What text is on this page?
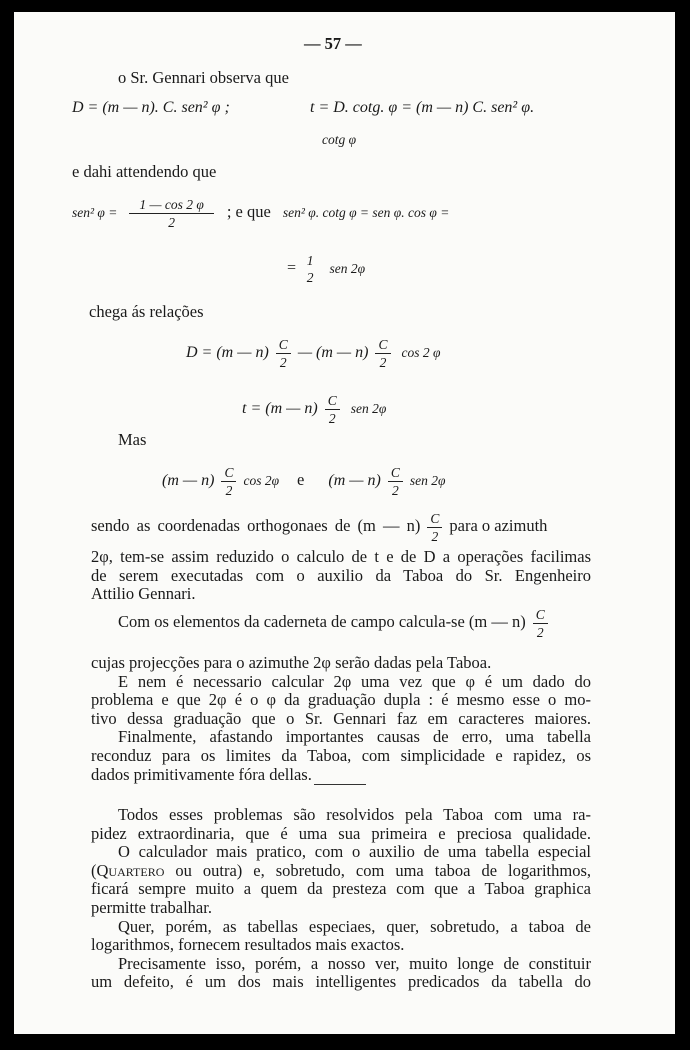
— 57 —
o Sr. Gennari observa que
D = (m — n). C. sen² φ ;	t = D. cotg. φ = (m — n) C. sen² φ.
cotg φ
e dahi attendendo que
sen² $\varphi = \frac{1 — \cos 2 \varphi}{2}$ ; e que sen² φ. cotg φ = sen φ. cos φ =
= 1
2
sen 2φ
chega ás relações
D = (m — $n) \frac{C}{2}$ — (m — $n) \frac{C}{2}$ cos 2 φ
t = (m — $n) \frac{C}{2}$ sen 2φ
Mas
(m — $n) \frac{C}{2}$ cos 2φ e (m — $n) \frac{C}{2}$ sen 2φ
sendo as coordenadas orthogonaes de (m — $n) \frac{C}{2}$ para o azimuth
2φ, tem-se assim reduzido o calculo de t e de D a operações facilimas
de serem executadas com o auxilio da Taboa do Sr. Engenheiro
Attilio Gennari.
Com os elementos da caderneta de campo calcula-se (m — $n) \frac{C}{2}$
cujas projecções para o azimuthe 2φ serão dadas pela Taboa.
E nem é necessario calcular 2φ uma vez que φ é um dado do
problema e que 2φ é o φ da graduação dupla : é mesmo esse o mo-
tivo dessa graduação que o Sr. Gennari faz em caracteres maiores.
Finalmente, afastando importantes causas de erro, uma tabella
reconduz para os limites da Taboa, com simplicidade e rapidez, os
dados primitivamente fóra dellas.
Todos esses problemas são resolvidos pela Taboa com uma ra-
pidez extraordinaria, que é uma sua primeira e preciosa qualidade.
O calculador mais pratico, com o auxilio de uma tabella especial
(Quartero ou outra) e, sobretudo, com uma taboa de logarithmos,
ficará sempre muito a quem da presteza com que a Taboa graphica
permitte trabalhar.
Quer, porém, as tabellas especiaes, quer, sobretudo, a taboa de
logarithmos, fornecem resultados mais exactos.
Precisamente isso, porém, a nosso ver, muito longe de constituir
um defeito, é um dos mais intelligentes predicados da tabella do
